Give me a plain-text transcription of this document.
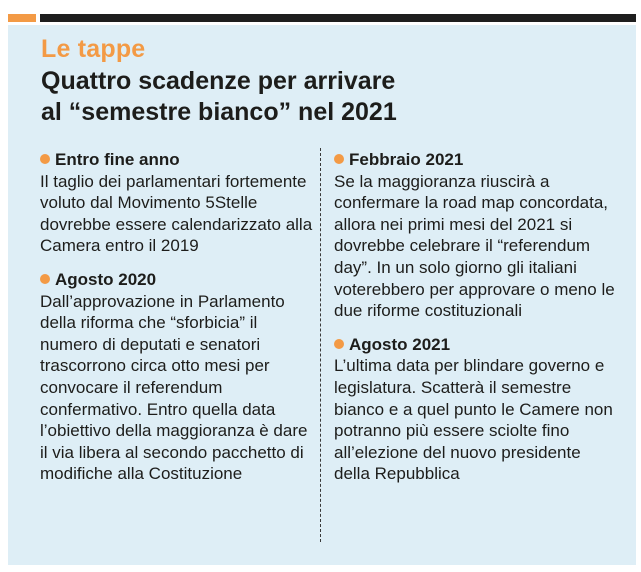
Le tappe
Quattro scadenze per arrivare
al “semestre bianco” nel 2021
Entro fine anno
Il taglio dei parlamentari fortemente voluto dal Movimento 5Stelle dovrebbe essere calendarizzato alla Camera entro il 2019
Agosto 2020
Dall’approvazione in Parlamento della riforma che “sforbicia” il numero di deputati e senatori trascorrono circa otto mesi per convocare il referendum confermativo. Entro quella data l’obiettivo della maggioranza è dare il via libera al secondo pacchetto di modifiche alla Costituzione
Febbraio 2021
Se la maggioranza riuscirà a confermare la road map concordata, allora nei primi mesi del 2021 si dovrebbe celebrare il “referendum day”. In un solo giorno gli italiani voterebbero per approvare o meno le due riforme costituzionali
Agosto 2021
L’ultima data per blindare governo e legislatura. Scatterà il semestre bianco e a quel punto le Camere non potranno più essere sciolte fino all’elezione del nuovo presidente della Repubblica
